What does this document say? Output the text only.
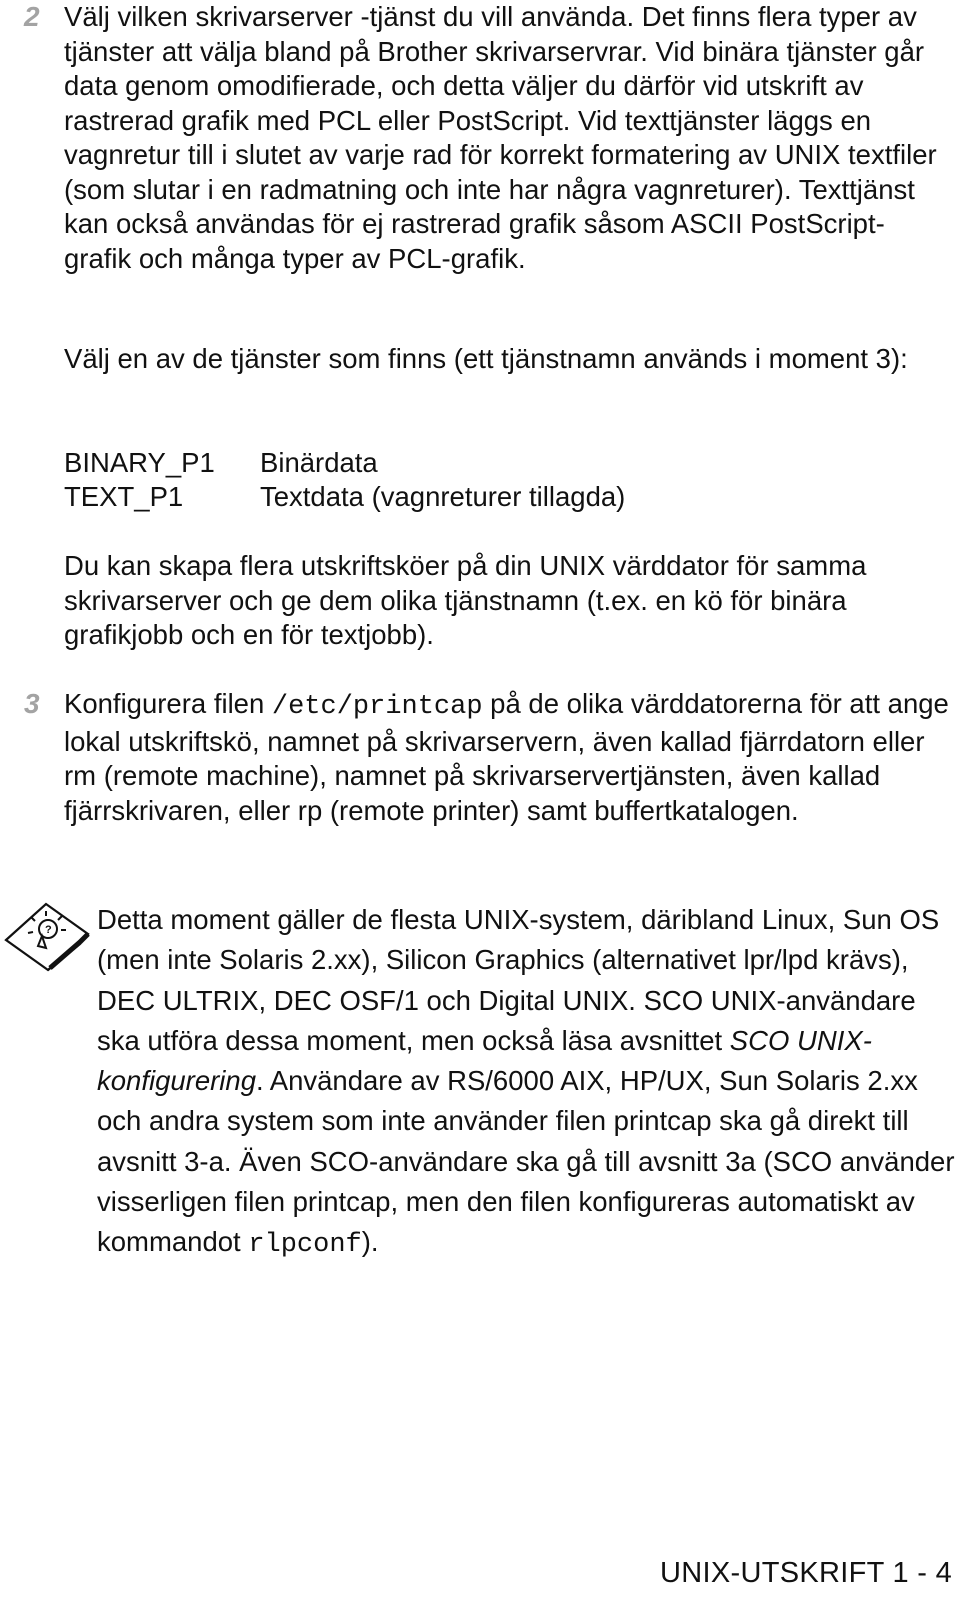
2 Välj vilken skrivarserver -tjänst du vill använda. Det finns flera typer av tjänster att välja bland på Brother skrivarservrar. Vid binära tjänster går data genom omodifierade, och detta väljer du därför vid utskrift av rastrerad grafik med PCL eller PostScript. Vid texttjänster läggs en vagnretur till i slutet av varje rad för korrekt formatering av UNIX textfiler (som slutar i en radmatning och inte har några vagnreturer). Texttjänst kan också användas för ej rastrerad grafik såsom ASCII PostScript-grafik och många typer av PCL-grafik.

Välj en av de tjänster som finns (ett tjänstnamn används i moment 3):

BINARY_P1 Binärdata
TEXT_P1	Textdata (vagnreturer tillagda)

Du kan skapa flera utskriftsköer på din UNIX värddator för samma skrivarserver och ge dem olika tjänstnamn (t.ex. en kö för binära grafikjobb och en för textjobb).

3 Konfigurera filen /etc/printcap på de olika värddatorerna för att ange lokal utskriftskö, namnet på skrivarservern, även kallad fjärrdatorn eller rm (remote machine), namnet på skrivarservertjänsten, även kallad fjärrskrivaren, eller rp (remote printer) samt buffertkatalogen.

? Detta moment gäller de flesta UNIX-system, däribland Linux, Sun OS (men inte Solaris 2.xx), Silicon Graphics (alternativet lpr/lpd krävs), DEC ULTRIX, DEC OSF/1 och Digital UNIX. SCO UNIX-användare ska utföra dessa moment, men också läsa avsnittet SCO UNIX-konfigurering. Användare av RS/6000 AIX, HP/UX, Sun Solaris 2.xx och andra system som inte använder filen printcap ska gå direkt till avsnitt 3-a. Även SCO-användare ska gå till avsnitt 3a (SCO använder visserligen filen printcap, men den filen konfigureras automatiskt av kommandot rlpconf).

UNIX-UTSKRIFT 1 - 4
